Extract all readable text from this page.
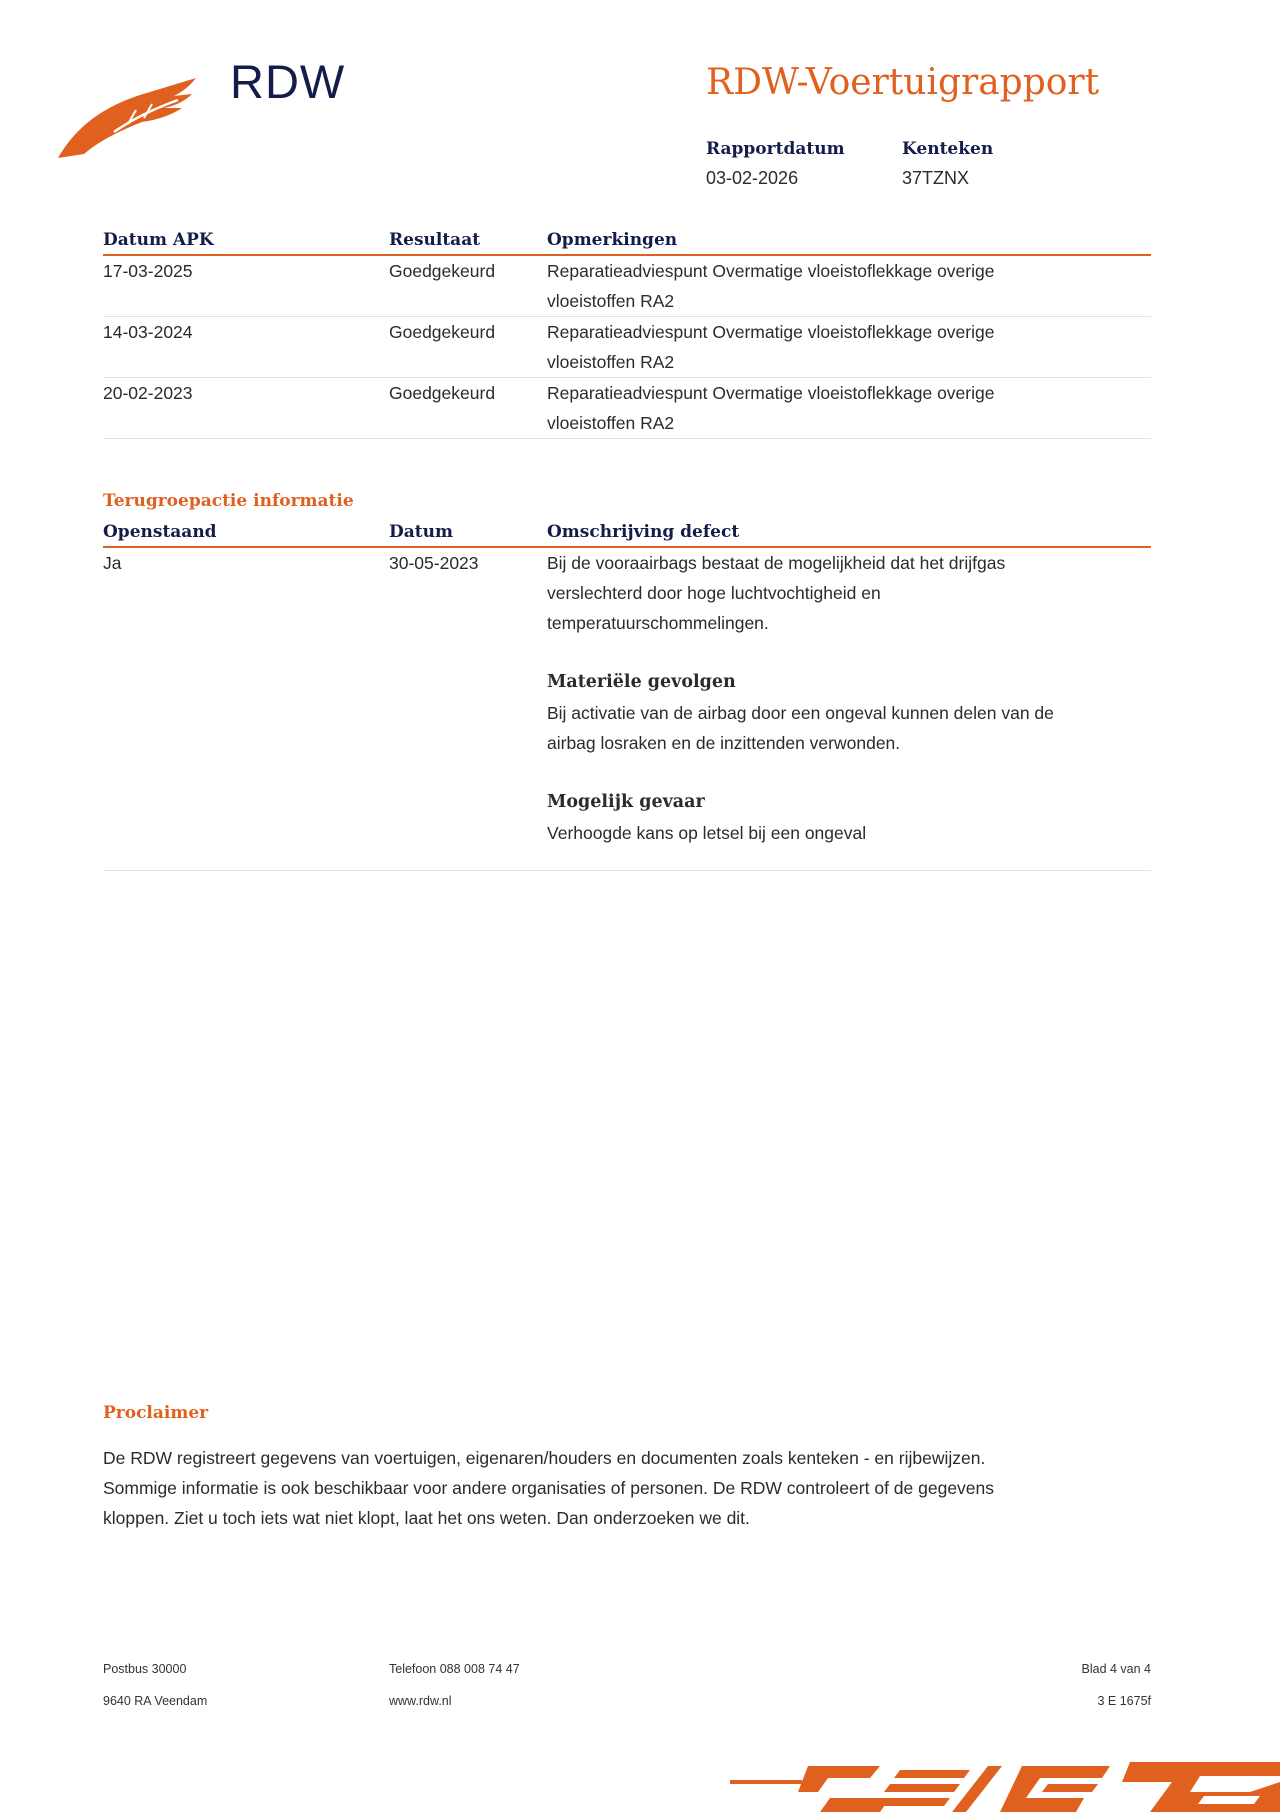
RDW	RDW-Voertuigrapport
Rapportdatum
03-02-2026
Kenteken
37TZNX
Datum APK	Resultaat	Opmerkingen
17-03-2025	Goedgekeurd	Reparatieadviespunt Overmatige vloeistoflekkage overige
vloeistoffen RA2
14-03-2024	Goedgekeurd	Reparatieadviespunt Overmatige vloeistoflekkage overige
vloeistoffen RA2
20-02-2023	Goedgekeurd	Reparatieadviespunt Overmatige vloeistoflekkage overige
vloeistoffen RA2
Terugroepactie informatie
Openstaand	Datum	Omschrijving defect
Ja	30-05-2023	Bij de vooraairbags bestaat de mogelijkheid dat het drijfgas
verslechterd door hoge luchtvochtigheid en
temperatuurschommelingen.
Materiële gevolgen
Bij activatie van de airbag door een ongeval kunnen delen van de
airbag losraken en de inzittenden verwonden.
Mogelijk gevaar
Verhoogde kans op letsel bij een ongeval
Proclaimer
De RDW registreert gegevens van voertuigen, eigenaren/houders en documenten zoals kenteken - en rijbewijzen.
Sommige informatie is ook beschikbaar voor andere organisaties of personen. De RDW controleert of de gegevens
kloppen. Ziet u toch iets wat niet klopt, laat het ons weten. Dan onderzoeken we dit.
Postbus 30000
9640 RA Veendam
Telefoon 088 008 74 47
www.rdw.nl
Blad 4 van 4
3 E 1675f
